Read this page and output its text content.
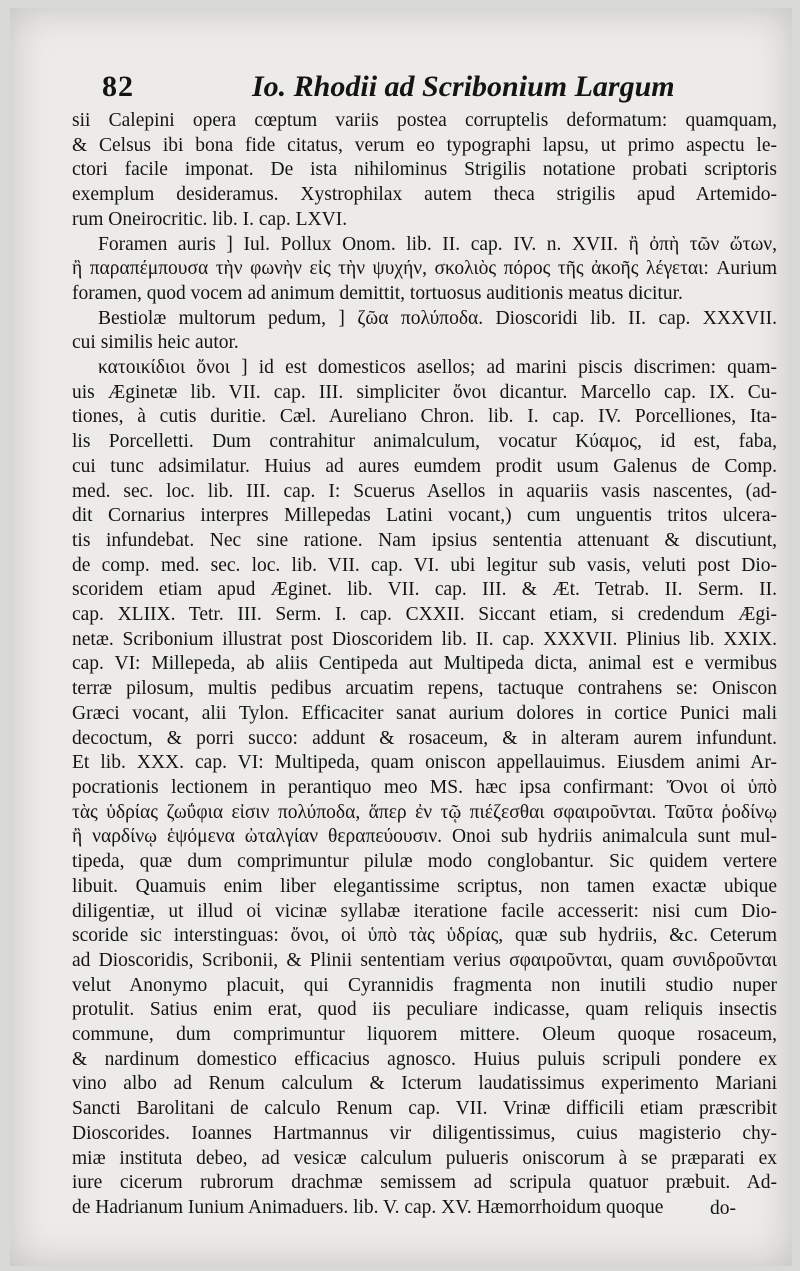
82	Io. Rhodii ad Scribonium Largum
sii Calepini opera cœptum variis postea corruptelis deformatum: quamquam,
& Celsus ibi bona fide citatus, verum eo typographi lapsu, ut primo aspectu le-
ctori facile imponat. De ista nihilominus Strigilis notatione probati scriptoris
exemplum desideramus. Xystrophilax autem theca strigilis apud Artemido-
rum Oneirocritic. lib. I. cap. LXVI.
Foramen auris ] Iul. Pollux Onom. lib. II. cap. IV. n. XVII. ἢ ὀπὴ τῶν ὤτων,
ἢ παραπέμπουσα τὴν φωνὴν εἰς τὴν ψυχήν, σκολιὸς πόρος τῆς ἀκοῆς λέγεται: Aurium
foramen, quod vocem ad animum demittit, tortuosus auditionis meatus dicitur.
Bestiolæ multorum pedum, ] ζῶα πολύποδα. Dioscoridi lib. II. cap. XXXVII.
cui similis heic autor.
κατοικίδιοι ὄνοι ] id est domesticos asellos; ad marini piscis discrimen: quam-
uis Æginetæ lib. VII. cap. III. simpliciter ὄνοι dicantur. Marcello cap. IX. Cu-
tiones, à cutis duritie. Cæl. Aureliano Chron. lib. I. cap. IV. Porcelliones, Ita-
lis Porcelletti. Dum contrahitur animalculum, vocatur Κύαμος, id est, faba,
cui tunc adsimilatur. Huius ad aures eumdem prodit usum Galenus de Comp.
med. sec. loc. lib. III. cap. I: Scuerus Asellos in aquariis vasis nascentes, (ad-
dit Cornarius interpres Millepedas Latini vocant,) cum unguentis tritos ulcera-
tis infundebat. Nec sine ratione. Nam ipsius sententia attenuant & discutiunt,
de comp. med. sec. loc. lib. VII. cap. VI. ubi legitur sub vasis, veluti post Dio-
scoridem etiam apud Æginet. lib. VII. cap. III. & Æt. Tetrab. II. Serm. II.
cap. XLIIX. Tetr. III. Serm. I. cap. CXXII. Siccant etiam, si credendum Ægi-
netæ. Scribonium illustrat post Dioscoridem lib. II. cap. XXXVII. Plinius lib. XXIX.
cap. VI: Millepeda, ab aliis Centipeda aut Multipeda dicta, animal est e vermibus
terræ pilosum, multis pedibus arcuatim repens, tactuque contrahens se: Oniscon
Græci vocant, alii Tylon. Efficaciter sanat aurium dolores in cortice Punici mali
decoctum, & porri succo: addunt & rosaceum, & in alteram aurem infundunt.
Et lib. XXX. cap. VI: Multipeda, quam oniscon appellauimus. Eiusdem animi Ar-
pocrationis lectionem in perantiquo meo MS. hæc ipsa confirmant: Ὄνοι οἱ ὑπὸ
τὰς ὑδρίας ζωΰφια εἰσιν πολύποδα, ἅπερ ἐν τῷ πιέζεσθαι σφαιροῦνται. Ταῦτα ῥοδίνῳ
ἢ ναρδίνῳ ἑψόμενα ὠταλγίαν θεραπεύουσιν. Onoi sub hydriis animalcula sunt mul-
tipeda, quæ dum comprimuntur pilulæ modo conglobantur. Sic quidem vertere
libuit. Quamuis enim liber elegantissime scriptus, non tamen exactæ ubique
diligentiæ, ut illud οἱ vicinæ syllabæ iteratione facile accesserit: nisi cum Dio-
scoride sic interstinguas: ὄνοι, οἱ ὑπὸ τὰς ὑδρίας, quæ sub hydriis, &c. Ceterum
ad Dioscoridis, Scribonii, & Plinii sententiam verius σφαιροῦνται, quam συνιδροῦνται
velut Anonymo placuit, qui Cyrannidis fragmenta non inutili studio nuper
protulit. Satius enim erat, quod iis peculiare indicasse, quam reliquis insectis
commune, dum comprimuntur liquorem mittere. Oleum quoque rosaceum,
& nardinum domestico efficacius agnosco. Huius puluis scripuli pondere ex
vino albo ad Renum calculum & Icterum laudatissimus experimento Mariani
Sancti Barolitani de calculo Renum cap. VII. Vrinæ difficili etiam præscribit
Dioscorides. Ioannes Hartmannus vir diligentissimus, cuius magisterio chy-
miæ instituta debeo, ad vesicæ calculum pulueris oniscorum à se præparati ex
iure cicerum rubrorum drachmæ semissem ad scripula quatuor præbuit. Ad-
de Hadrianum Iunium Animaduers. lib. V. cap. XV. Hæmorrhoidum quoque	do-
